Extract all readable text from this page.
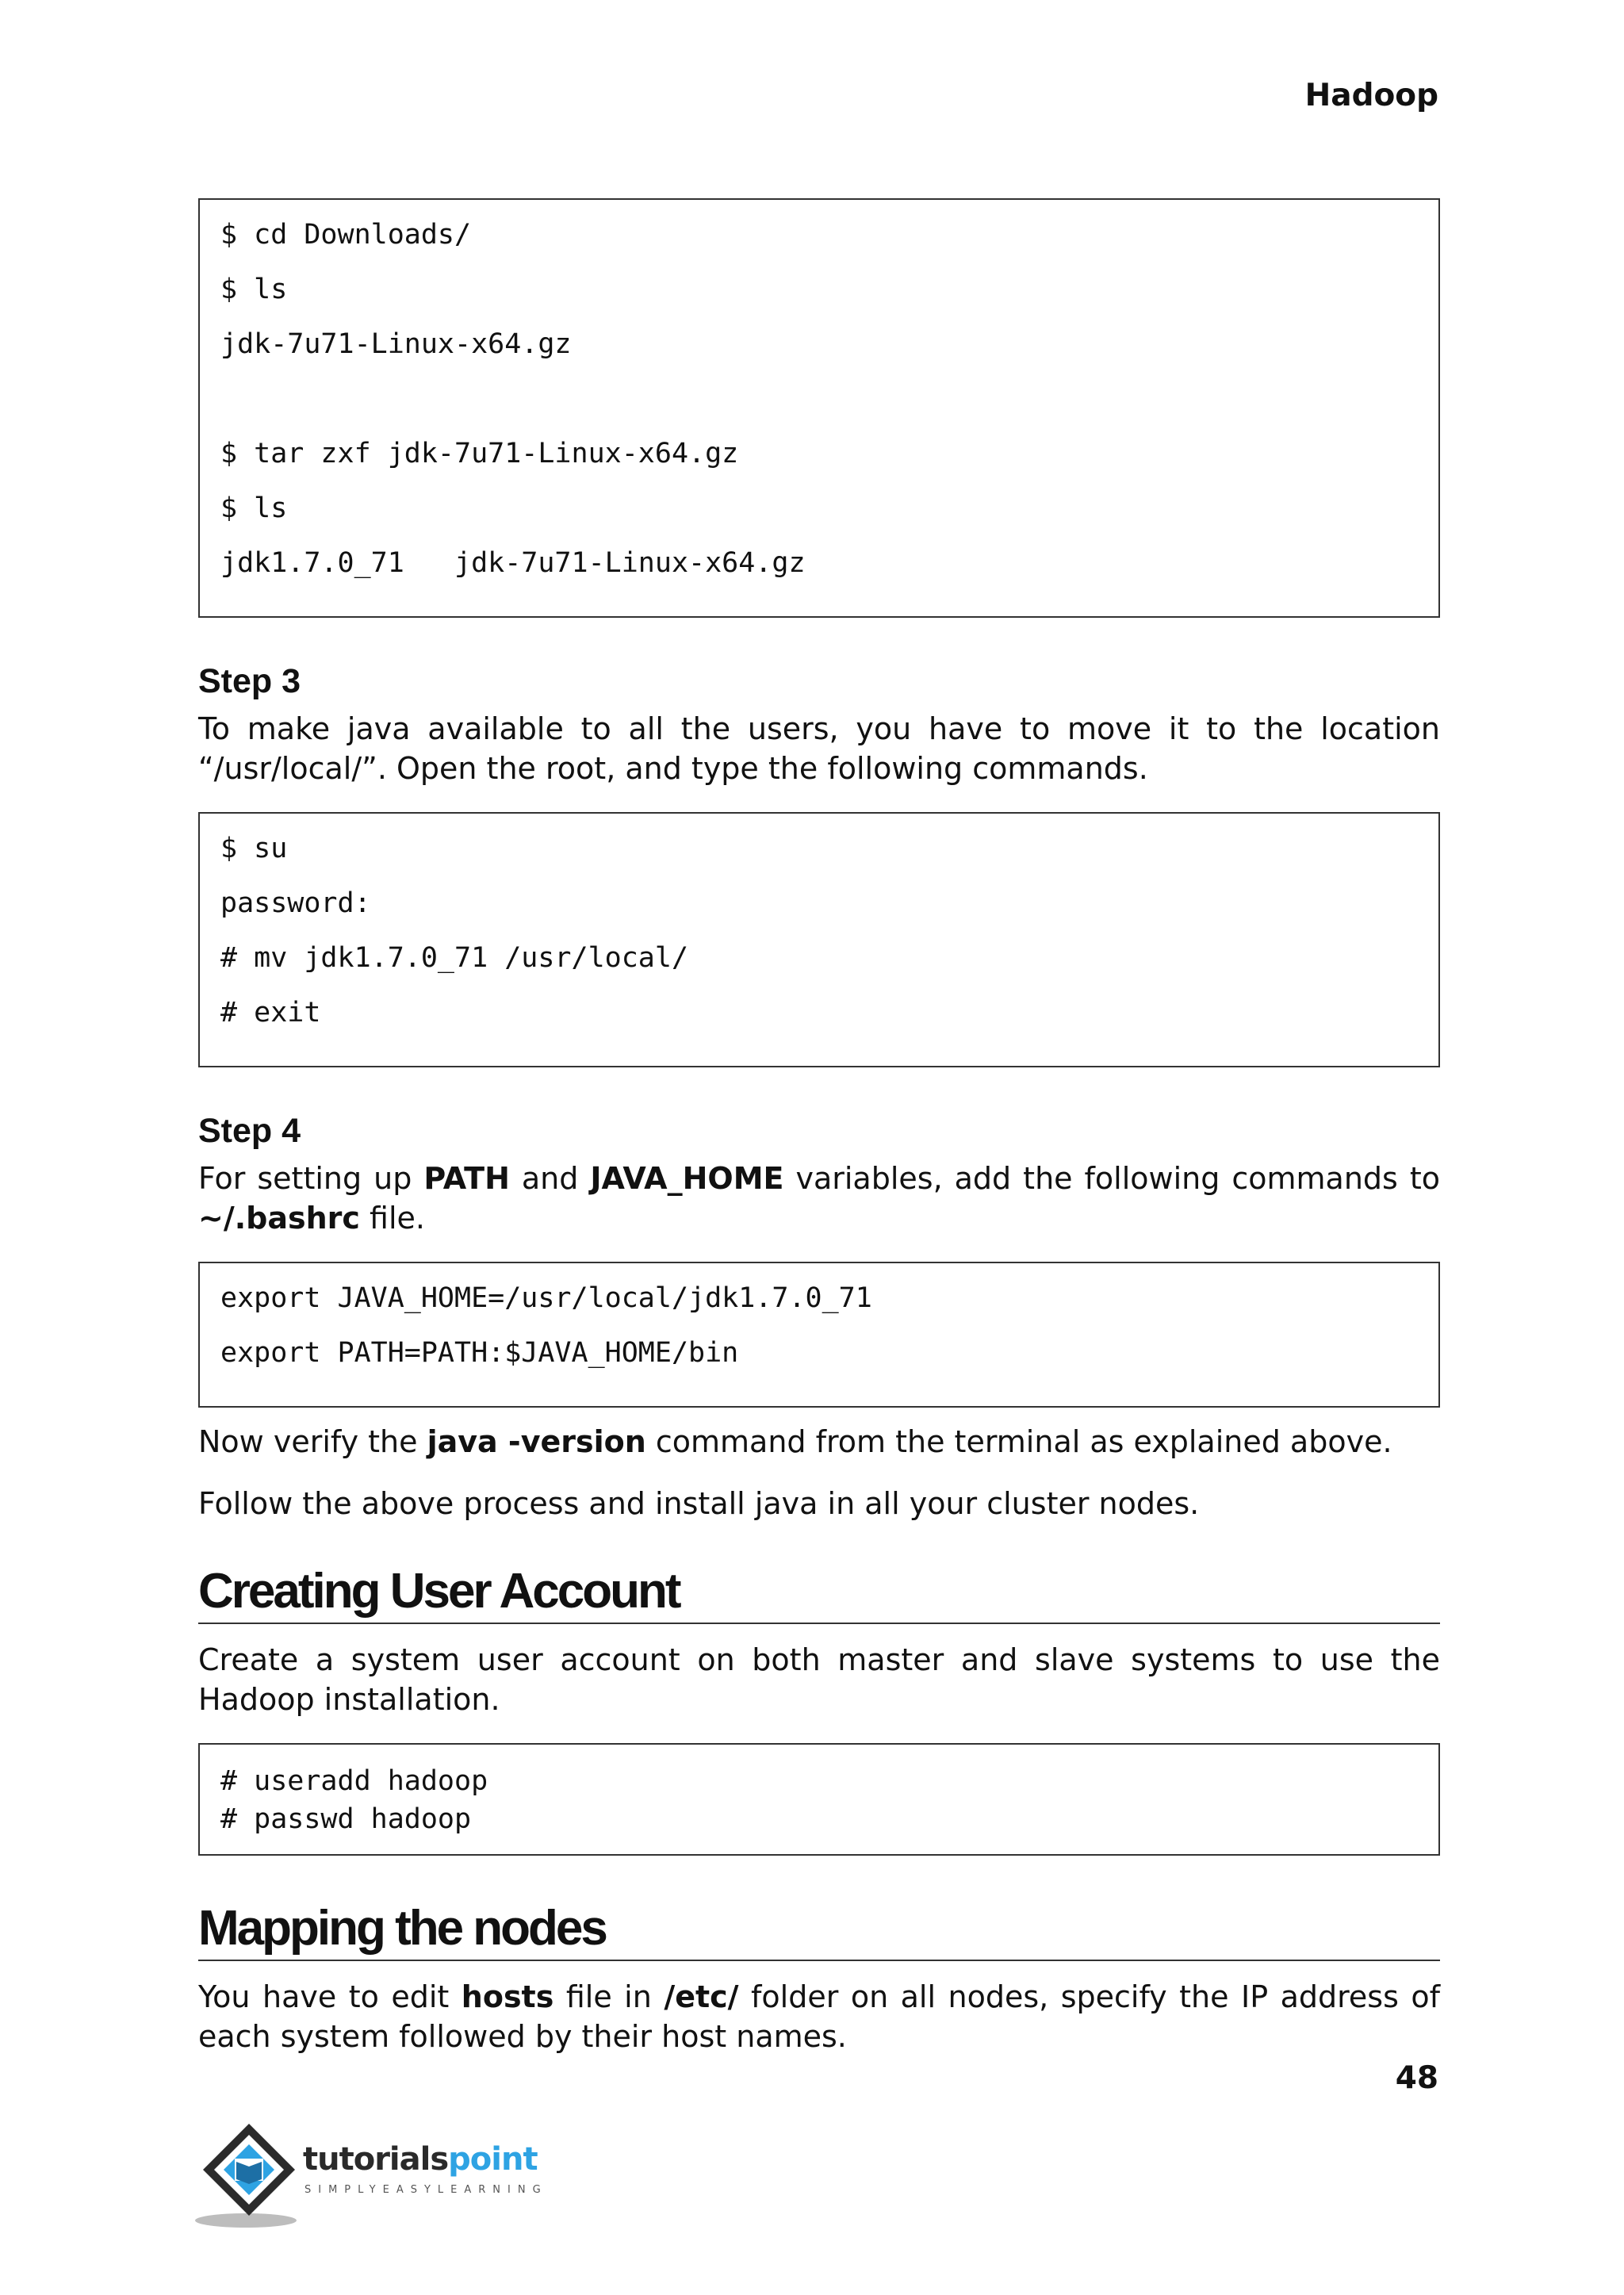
Hadoop
$ cd Downloads/
$ ls
jdk-7u71-Linux-x64.gz
$ tar zxf jdk-7u71-Linux-x64.gz
$ ls
jdk1.7.0_71   jdk-7u71-Linux-x64.gz
Step 3

To make java available to all the users, you have to move it to the location “/usr/local/”. Open the root, and type the following commands.

$ su
password:
# mv jdk1.7.0_71 /usr/local/
# exit
Step 4

For setting up PATH and JAVA_HOME variables, add the following commands to ~/.bashrc file.

export JAVA_HOME=/usr/local/jdk1.7.0_71
export PATH=PATH:$JAVA_HOME/bin

Now verify the java -version command from the terminal as explained above.

Follow the above process and install java in all your cluster nodes.

Creating User Account

Create a system user account on both master and slave systems to use the Hadoop installation.

# useradd hadoop
# passwd hadoop
Mapping the nodes

You have to edit hosts file in /etc/ folder on all nodes, specify the IP address of each system followed by their host names.

48
tutorialspoint
SIMPLYEASYLEARNING
